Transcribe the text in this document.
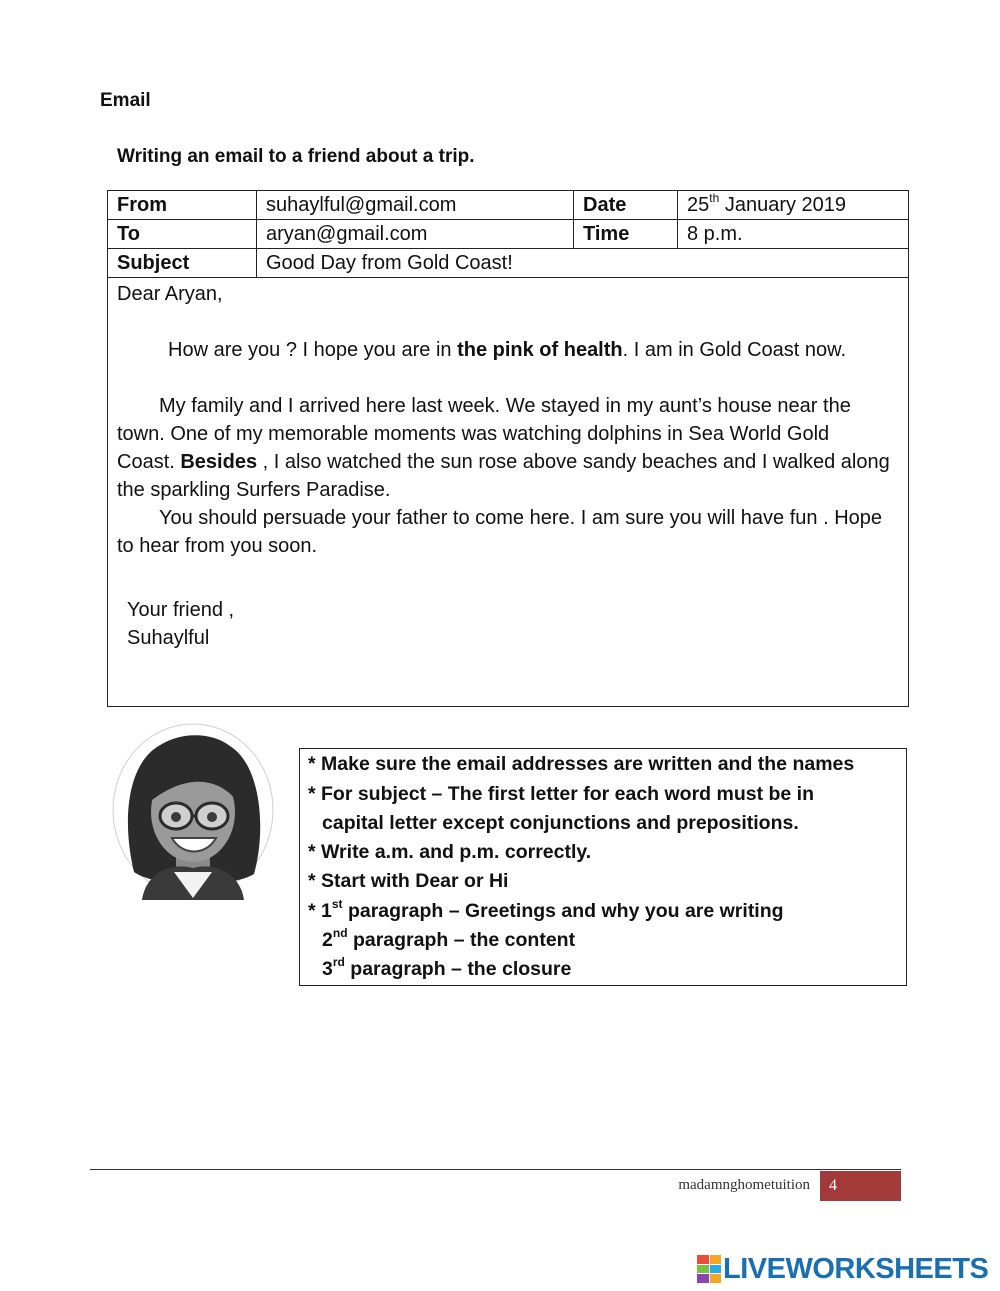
Email
Writing an email to a friend about a trip.
From	suhaylful@gmail.com	Date	25th January 2019
To	aryan@gmail.com	Time	8 p.m.
Subject	Good Day from Gold Coast!		

Dear Aryan,

How are you ? I hope you are in the pink of health. I am in Gold Coast now.

My family and I arrived here last week. We stayed in my aunt’s house near the town. One of my memorable moments was watching dolphins in Sea World Gold Coast. Besides , I also watched the sun rose above sandy beaches and I walked along the sparkling Surfers Paradise.

You should persuade your father to come here. I am sure you will have fun . Hope to hear from you soon.

Your friend ,

Suhaylful

* Make sure the email addresses are written and the names
* For subject – The first letter for each word must be in
capital letter except conjunctions and prepositions.
* Write a.m. and p.m. correctly.
* Start with Dear or Hi
* 1st paragraph – Greetings and why you are writing
2nd paragraph – the content
3rd paragraph – the closure
madamnghometuition	4
LIVEWORKSHEETS
